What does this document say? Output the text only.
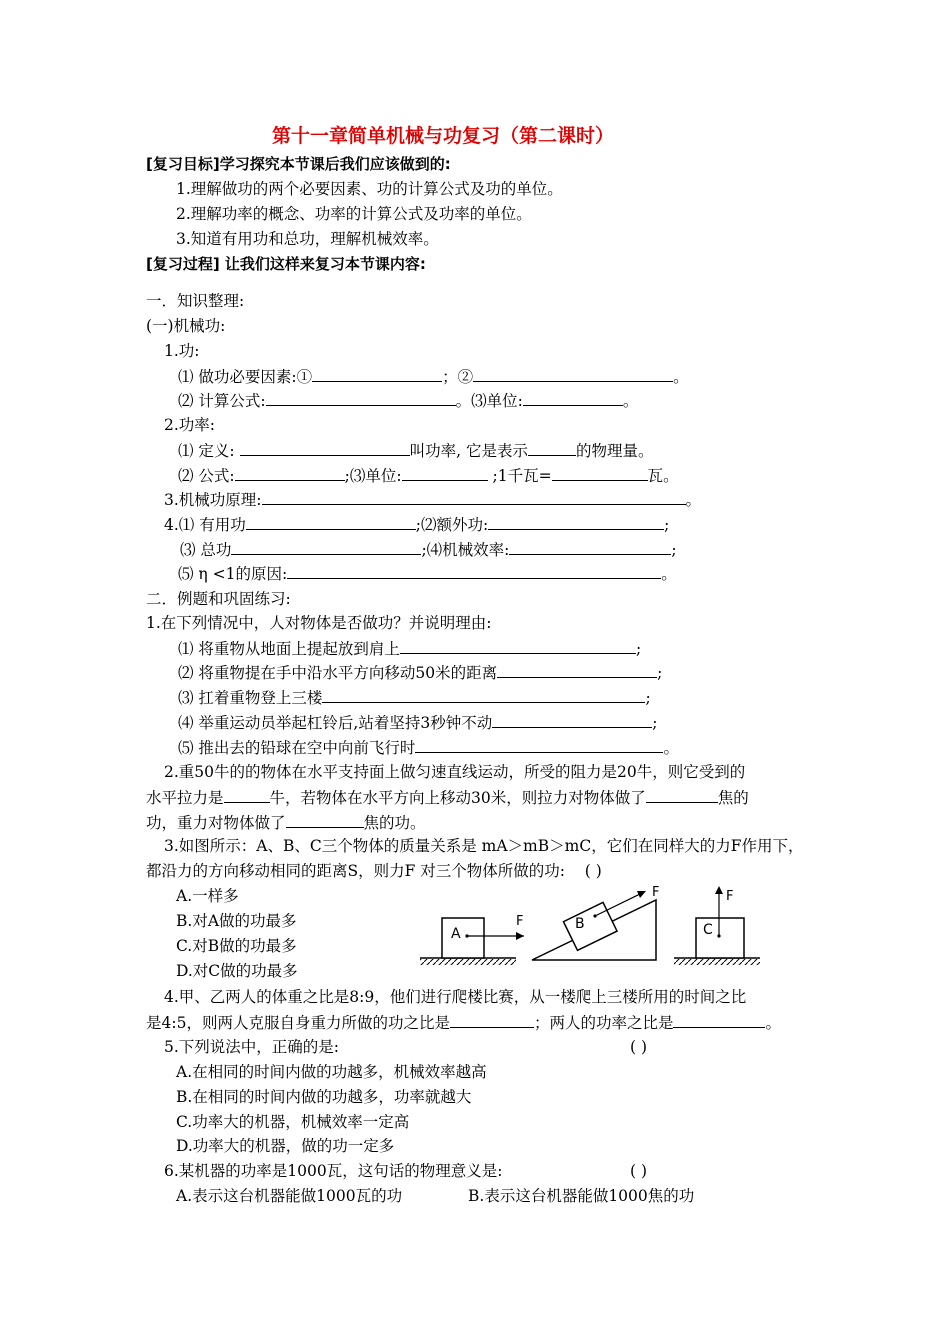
第十一章简单机械与功复习（第二课时）
[复习目标]学习探究本节课后我们应该做到的:
1.理解做功的两个必要因素、功的计算公式及功的单位。
2.理解功率的概念、功率的计算公式及功率的单位。
3.知道有用功和总功，理解机械效率。
[复习过程] 让我们这样来复习本节课内容:
一．知识整理:
(一)机械功:
1.功:
⑴ 做功必要因素:①	；②	。
⑵ 计算公式:	。⑶单位:	。
2.功率:
⑴ 定义:	叫功率, 它是表示	的物理量。
⑵ 公式:	;⑶单位:	;1千瓦=	瓦。
3.机械功原理:	。
4.⑴ 有用功	;⑵额外功:	;
⑶ 总功	;⑷机械效率:	;
⑸ η <1的原因:	。
二．例题和巩固练习:
1.在下列情况中，人对物体是否做功？并说明理由:
⑴ 将重物从地面上提起放到肩上	;
⑵ 将重物提在手中沿水平方向移动50米的距离	;
⑶ 扛着重物登上三楼	;
⑷ 举重运动员举起杠铃后,站着坚持3秒钟不动	;
⑸ 推出去的铅球在空中向前飞行时	。
2.重50牛的的物体在水平支持面上做匀速直线运动，所受的阻力是20牛，则它受到的
水平拉力是	牛，若物体在水平方向上移动30米，则拉力对物体做了	焦的
功，重力对物体做了	焦的功。
3.如图所示：A、B、C三个物体的质量关系是 mA＞mB＞mC，它们在同样大的力F作用下，
都沿力的方向移动相同的距离S，则力F 对三个物体所做的功: ( )
A.一样多
B.对A做的功最多
C.对B做的功最多
D.对C做的功最多
A
F	B
F
C
F
4.甲、乙两人的体重之比是8:9，他们进行爬楼比赛，从一楼爬上三楼所用的时间之比
是4:5，则两人克服自身重力所做的功之比是	；两人的功率之比是	。
5.下列说法中，正确的是:	( )
A.在相同的时间内做的功越多，机械效率越高
B.在相同的时间内做的功越多，功率就越大
C.功率大的机器，机械效率一定高
D.功率大的机器，做的功一定多
6.某机器的功率是1000瓦，这句话的物理意义是:	( )
A.表示这台机器能做1000瓦的功	B.表示这台机器能做1000焦的功
